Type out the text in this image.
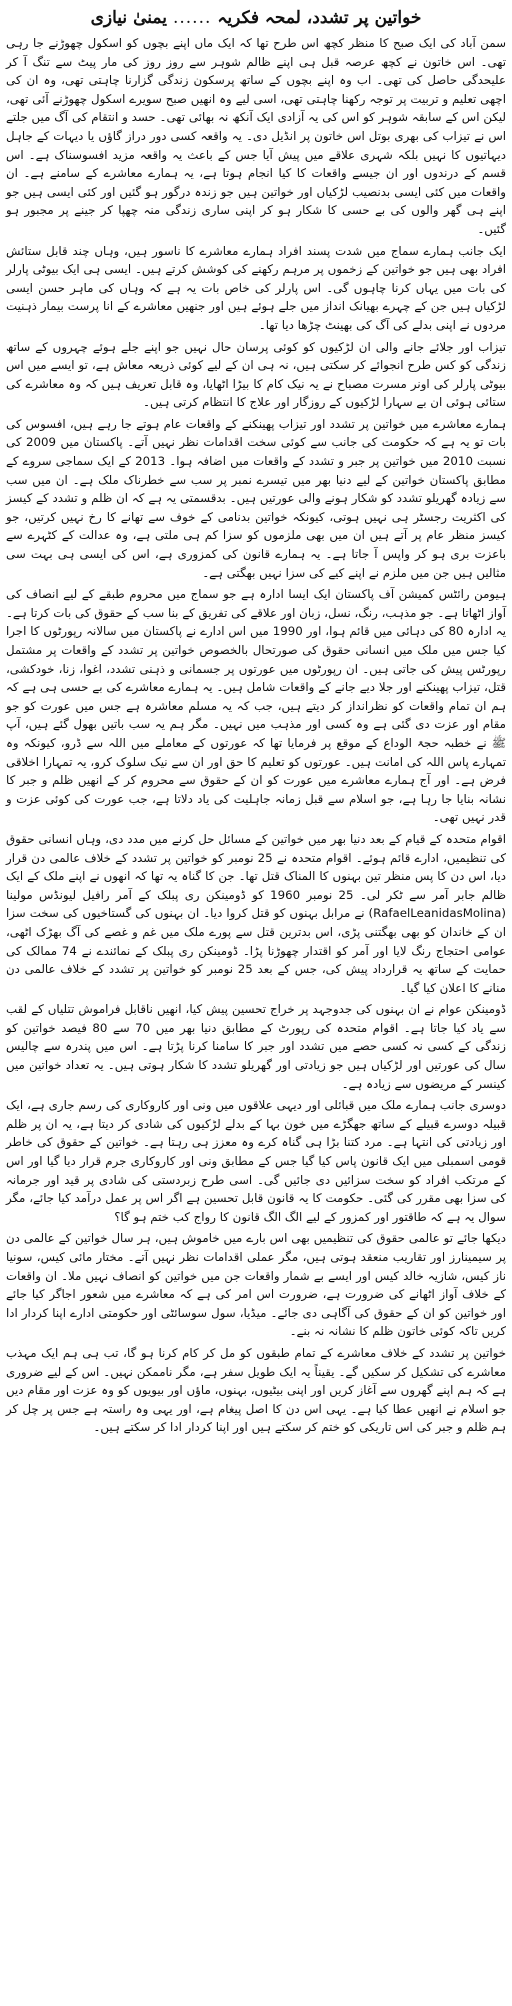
خواتین پر تشدد، لمحہ فکریہ
......
یمنیٰ نیازی

سمن آباد کی ایک صبح کا منظر کچھ اس طرح تھا کہ ایک ماں اپنے بچوں کو اسکول چھوڑنے جا رہی تھی۔ اس خاتون نے کچھ عرصہ قبل ہی اپنے ظالم شوہر سے روز روز کی مار پیٹ سے تنگ آ کر علیحدگی حاصل کی تھی۔ اب وہ اپنے بچوں کے ساتھ پرسکون زندگی گزارنا چاہتی تھی، وہ ان کی اچھی تعلیم و تربیت پر توجہ رکھنا چاہتی تھی، اسی لیے وہ انھیں صبح سویرے اسکول چھوڑنے آئی تھی، لیکن اس کے سابقہ شوہر کو اس کی یہ آزادی ایک آنکھ نہ بھائی تھی۔ حسد و انتقام کی آگ میں جلتے اس نے تیزاب کی بھری بوتل اس خاتون پر انڈیل دی۔ یہ واقعہ کسی دور دراز گاؤں یا دیہات کے جاہل دیہاتیوں کا نہیں بلکہ شہری علاقے میں پیش آیا جس کے باعث یہ واقعہ مزید افسوسناک ہے۔ اس قسم کے درندوں اور ان جیسے واقعات کا کیا انجام ہوتا ہے، یہ ہمارے معاشرے کے سامنے ہے۔ ان واقعات میں کئی ایسی بدنصیب لڑکیاں اور خواتین ہیں جو زندہ درگور ہو گئیں اور کئی ایسی ہیں جو اپنے ہی گھر والوں کی بے حسی کا شکار ہو کر اپنی ساری زندگی منہ چھپا کر جینے پر مجبور ہو گئیں۔

ایک جانب ہمارے سماج میں شدت پسند افراد ہمارے معاشرے کا ناسور ہیں، وہاں چند قابل ستائش افراد بھی ہیں جو خواتین کے زخموں پر مرہم رکھنے کی کوشش کرتے ہیں۔ ایسی ہی ایک بیوٹی پارلر کی بات میں یہاں کرنا چاہوں گی۔ اس پارلر کی خاص بات یہ ہے کہ وہاں کی ماہر حسن ایسی لڑکیاں ہیں جن کے چہرے بھیانک انداز میں جلے ہوئے ہیں اور جنھیں معاشرے کے انا پرست بیمار ذہنیت مردوں نے اپنی بدلے کی آگ کی بھینٹ چڑھا دیا تھا۔

تیزاب اور جلائے جانے والی ان لڑکیوں کو کوئی پرسان حال نہیں جو اپنے جلے ہوئے چہروں کے ساتھ زندگی کو کس طرح انجوائے کر سکتی ہیں، نہ ہی ان کے لیے کوئی ذریعہ معاش ہے، تو ایسے میں اس بیوٹی پارلر کی اونر مسرت مصباح نے یہ نیک کام کا بیڑا اٹھایا، وہ قابل تعریف ہیں کہ وہ معاشرے کی ستائی ہوئی ان بے سہارا لڑکیوں کے روزگار اور علاج کا انتظام کرتی ہیں۔

ہمارے معاشرے میں خواتین پر تشدد اور تیزاب پھینکنے کے واقعات عام ہوتے جا رہے ہیں، افسوس کی بات تو یہ ہے کہ حکومت کی جانب سے کوئی سخت اقدامات نظر نہیں آتے۔ پاکستان میں 2009 کی نسبت 2010 میں خواتین پر جبر و تشدد کے واقعات میں اضافہ ہوا۔ 2013 کے ایک سماجی سروے کے مطابق پاکستان خواتین کے لیے دنیا بھر میں تیسرے نمبر پر سب سے خطرناک ملک ہے۔ ان میں سب سے زیادہ گھریلو تشدد کو شکار ہونے والی عورتیں ہیں۔ بدقسمتی یہ ہے کہ ان ظلم و تشدد کے کیسز کی اکثریت رجسٹر ہی نہیں ہوتی، کیونکہ خواتین بدنامی کے خوف سے تھانے کا رخ نہیں کرتیں، جو کیسز منظر عام پر آتے ہیں ان میں بھی ملزموں کو سزا کم ہی ملتی ہے، وہ عدالت کے کٹہرے سے باعزت بری ہو کر واپس آ جاتا ہے۔ یہ ہمارے قانون کی کمزوری ہے، اس کی ایسی ہی بہت سی مثالیں ہیں جن میں ملزم نے اپنے کیے کی سزا نہیں بھگتی ہے۔

ہیومن رائٹس کمیشن آف پاکستان ایک ایسا ادارہ ہے جو سماج میں محروم طبقے کے لیے انصاف کی آواز اٹھاتا ہے۔ جو مذہب، رنگ، نسل، زبان اور علاقے کی تفریق کے بنا سب کے حقوق کی بات کرتا ہے۔ یہ ادارہ 80 کی دہائی میں قائم ہوا، اور 1990 میں اس ادارے نے پاکستان میں سالانہ رپورٹوں کا اجرا کیا جس میں ملک میں انسانی حقوق کی صورتحال بالخصوص خواتین پر تشدد کے واقعات پر مشتمل رپورٹس پیش کی جاتی ہیں۔ ان رپورٹوں میں عورتوں پر جسمانی و ذہنی تشدد، اغوا، زنا، خودکشی، قتل، تیزاب پھینکنے اور جلا دیے جانے کے واقعات شامل ہیں۔ یہ ہمارے معاشرے کی بے حسی ہی ہے کہ ہم ان تمام واقعات کو نظرانداز کر دیتے ہیں، جب کہ یہ مسلم معاشرہ ہے جس میں عورت کو جو مقام اور عزت دی گئی ہے وہ کسی اور مذہب میں نہیں۔ مگر ہم یہ سب باتیں بھول گئے ہیں، آپ ﷺ نے خطبہ حجۃ الوداع کے موقع پر فرمایا تھا کہ عورتوں کے معاملے میں اللہ سے ڈرو، کیونکہ وہ تمہارے پاس اللہ کی امانت ہیں۔ عورتوں کو تعلیم کا حق اور ان سے نیک سلوک کرو، یہ تمہارا اخلاقی فرض ہے۔ اور آج ہمارے معاشرے میں عورت کو ان کے حقوق سے محروم کر کے انھیں ظلم و جبر کا نشانہ بنایا جا رہا ہے، جو اسلام سے قبل زمانہ جاہلیت کی یاد دلاتا ہے، جب عورت کی کوئی عزت و قدر نہیں تھی۔

اقوام متحدہ کے قیام کے بعد دنیا بھر میں خواتین کے مسائل حل کرنے میں مدد دی، وہاں انسانی حقوق کی تنظیمیں، ادارے قائم ہوئے۔ اقوام متحدہ نے 25 نومبر کو خواتین پر تشدد کے خلاف عالمی دن قرار دیا، اس دن کا پس منظر تین بہنوں کا المناک قتل تھا۔ جن کا گناہ یہ تھا کہ انھوں نے اپنے ملک کے ایک ظالم جابر آمر سے ٹکر لی۔ 25 نومبر 1960 کو ڈومینکن ری پبلک کے آمر رافیل لیونڈس مولینا (RafaelLeanidasMolina) نے مرابل بہنوں کو قتل کروا دیا۔ ان بہنوں کی گستاخیوں کی سخت سزا ان کے خاندان کو بھی بھگتنی پڑی، اس بدترین قتل سے پورے ملک میں غم و غصے کی آگ بھڑک اٹھی، عوامی احتجاج رنگ لایا اور آمر کو اقتدار چھوڑنا پڑا۔ ڈومینکن ری پبلک کے نمائندے نے 74 ممالک کی حمایت کے ساتھ یہ قرارداد پیش کی، جس کے بعد 25 نومبر کو خواتین پر تشدد کے خلاف عالمی دن منانے کا اعلان کیا گیا۔

ڈومینکن عوام نے ان بہنوں کی جدوجہد پر خراج تحسین پیش کیا، انھیں ناقابل فراموش تتلیاں کے لقب سے یاد کیا جاتا ہے۔ اقوام متحدہ کی رپورٹ کے مطابق دنیا بھر میں 70 سے 80 فیصد خواتین کو زندگی کے کسی نہ کسی حصے میں تشدد اور جبر کا سامنا کرنا پڑتا ہے۔ اس میں پندرہ سے چالیس سال کی عورتیں اور لڑکیاں ہیں جو زیادتی اور گھریلو تشدد کا شکار ہوتی ہیں۔ یہ تعداد خواتین میں کینسر کے مریضوں سے زیادہ ہے۔

دوسری جانب ہمارے ملک میں قبائلی اور دیہی علاقوں میں ونی اور کاروکاری کی رسم جاری ہے، ایک قبیلہ دوسرے قبیلے کے ساتھ جھگڑے میں خون بہا کے بدلے لڑکیوں کی شادی کر دیتا ہے، یہ ان پر ظلم اور زیادتی کی انتہا ہے۔ مرد کتنا بڑا ہی گناہ کرے وہ معزز ہی رہتا ہے۔ خواتین کے حقوق کی خاطر قومی اسمبلی میں ایک قانون پاس کیا گیا جس کے مطابق ونی اور کاروکاری جرم قرار دیا گیا اور اس کے مرتکب افراد کو سخت سزائیں دی جائیں گی۔ اسی طرح زبردستی کی شادی پر قید اور جرمانہ کی سزا بھی مقرر کی گئی۔ حکومت کا یہ قانون قابل تحسین ہے اگر اس پر عمل درآمد کیا جائے، مگر سوال یہ ہے کہ طاقتور اور کمزور کے لیے الگ الگ قانون کا رواج کب ختم ہو گا؟

دیکھا جائے تو عالمی حقوق کی تنظیمیں بھی اس بارے میں خاموش ہیں، ہر سال خواتین کے عالمی دن پر سیمینارز اور تقاریب منعقد ہوتی ہیں، مگر عملی اقدامات نظر نہیں آتے۔ مختار مائی کیس، سونیا ناز کیس، شازیہ خالد کیس اور ایسے بے شمار واقعات جن میں خواتین کو انصاف نہیں ملا۔ ان واقعات کے خلاف آواز اٹھانے کی ضرورت ہے، ضرورت اس امر کی ہے کہ معاشرے میں شعور اجاگر کیا جائے اور خواتین کو ان کے حقوق کی آگاہی دی جائے۔ میڈیا، سول سوسائٹی اور حکومتی ادارے اپنا کردار ادا کریں تاکہ کوئی خاتون ظلم کا نشانہ نہ بنے۔

خواتین پر تشدد کے خلاف معاشرے کے تمام طبقوں کو مل کر کام کرنا ہو گا، تب ہی ہم ایک مہذب معاشرے کی تشکیل کر سکیں گے۔ یقیناً یہ ایک طویل سفر ہے، مگر ناممکن نہیں۔ اس کے لیے ضروری ہے کہ ہم اپنے گھروں سے آغاز کریں اور اپنی بیٹیوں، بہنوں، ماؤں اور بیویوں کو وہ عزت اور مقام دیں جو اسلام نے انھیں عطا کیا ہے۔ یہی اس دن کا اصل پیغام ہے، اور یہی وہ راستہ ہے جس پر چل کر ہم ظلم و جبر کی اس تاریکی کو ختم کر سکتے ہیں اور اپنا کردار ادا کر سکتے ہیں۔
